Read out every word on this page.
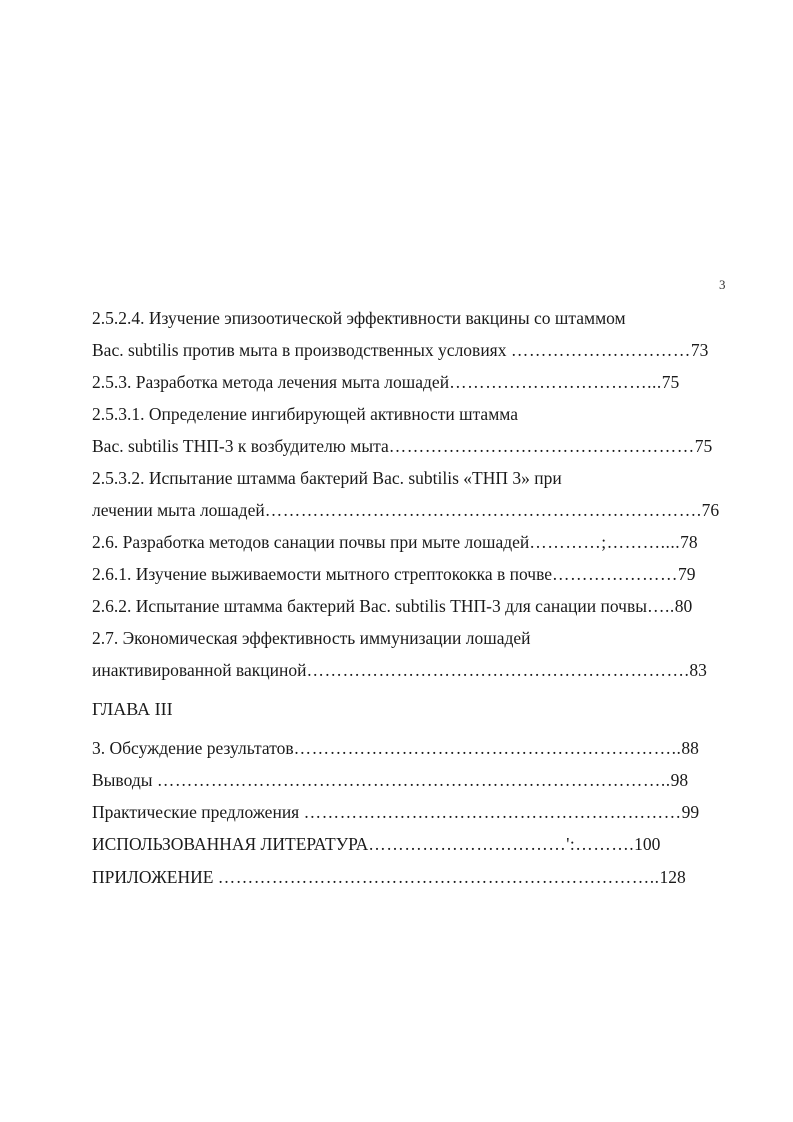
3
2.5.2.4. Изучение эпизоотической эффективности вакцины со штаммом
Bac. subtilis против мыта в производственных условиях …………………………73
2.5.3. Разработка метода лечения мыта лошадей……………………………...75
2.5.3.1. Определение ингибирующей активности штамма
Bac. subtilis ТНП-3 к возбудителю мыта……………………………………………75
2.5.3.2. Испытание штамма бактерий Bac. subtilis «ТНП 3» при
лечении мыта лошадей……………………………………………………………….76
2.6. Разработка методов санации почвы при мыте лошадей…………;………....78
2.6.1. Изучение выживаемости мытного стрептококка в почве…………………79
2.6.2. Испытание штамма бактерий Bac. subtilis ТНП-3 для санации почвы…..80
2.7. Экономическая эффективность иммунизации лошадей
инактивированной вакциной……………………………………………………….83
ГЛАВА III
3. Обсуждение результатов………………………………………………………..88
Выводы …………………………………………………………………………..98
Практические предложения ………………………………………………………99
ИСПОЛЬЗОВАННАЯ ЛИТЕРАТУРА……………………………':……….100
ПРИЛОЖЕНИЕ ………………………………………………………………..128
